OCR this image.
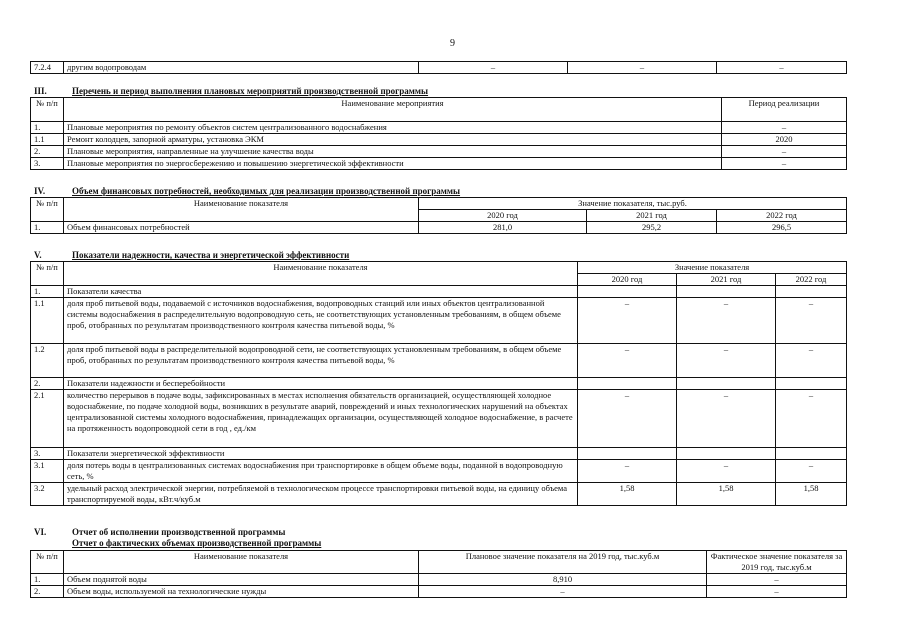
9
7.2.4	другим водопроводам	–	–	–
III.	Перечень и период выполнения плановых мероприятий производственной программы
№ п/п	Наименование мероприятия	Период реализации
1.	Плановые мероприятия по ремонту объектов систем централизованного водоснабжения	–
1.1	Ремонт колодцев, запорной арматуры, установка ЭКМ	2020
2.	Плановые мероприятия, направленные на улучшение качества воды	–
3.	Плановые мероприятия по энергосбережению и повышению энергетической эффективности	–
IV.	Объем финансовых потребностей, необходимых для реализации производственной программы
№ п/п	Наименование показателя	Значение показателя, тыс.руб.		
		2020 год	2021 год	2022 год
1.	Объем финансовых потребностей	281,0	295,2	296,5
V.	Показатели надежности, качества и энергетической эффективности
№ п/п	Наименование показателя	Значение показателя		
		2020 год	2021 год	2022 год
1.	Показатели качества			
1.1	доля проб питьевой воды, подаваемой с источников водоснабжения, водопроводных станций или иных объектов централизованной системы водоснабжения в распределительную водопроводную сеть, не соответствующих установленным требованиям, в общем объеме проб, отобранных по результатам производственного контроля качества питьевой воды, %	–	–	–
1.2	доля проб питьевой воды в распределительной водопроводной сети, не соответствующих установленным требованиям, в общем объеме проб, отобранных по результатам производственного контроля качества питьевой воды, %	–	–	–
2.	Показатели надежности и бесперебойности			
2.1	количество перерывов в подаче воды, зафиксированных в местах исполнения обязательств организацией, осуществляющей холодное водоснабжение, по подаче холодной воды, возникших в результате аварий, повреждений и иных технологических нарушений на объектах централизованной системы холодного водоснабжения, принадлежащих организации, осуществляющей холодное водоснабжение, в расчете на протяженность водопроводной сети в год , ед./км	–	–	–
3.	Показатели энергетической эффективности			
3.1	доля потерь воды в централизованных системах водоснабжения при транспортировке в общем объеме воды, поданной в водопроводную сеть, %	–	–	–
3.2	удельный расход электрической энергии, потребляемой в технологическом процессе транспортировки питьевой воды, на единицу объема транспортируемой воды, кВт.ч/куб.м	1,58	1,58	1,58
VI.	Отчет об исполнении производственной программы
Отчет о фактических объемах производственной программы
№ п/п	Наименование показателя	Плановое значение показателя на 2019 год, тыс.куб.м	Фактическое значение показателя за 2019 год, тыс.куб.м
1.	Объем поднятой воды	8,910	–
2.	Объем воды, используемой на технологические нужды	–	–
